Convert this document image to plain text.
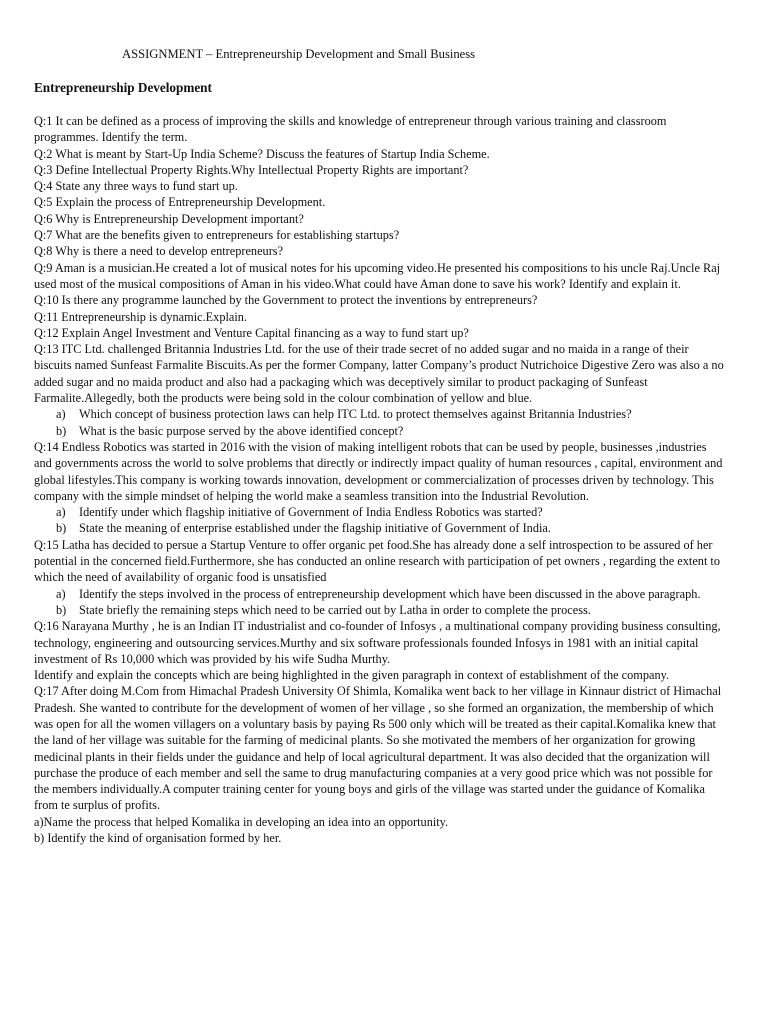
ASSIGNMENT – Entrepreneurship Development and Small Business
Entrepreneurship Development

Q:1 It can be defined as a process of improving the skills and knowledge of entrepreneur through various training and classroom programmes. Identify the term.

Q:2 What is meant by Start-Up India Scheme? Discuss the features of Startup India Scheme.

Q:3 Define Intellectual Property Rights.Why Intellectual Property Rights are important?

Q:4 State any three ways to fund start up.

Q:5 Explain the process of Entrepreneurship Development.

Q:6 Why is Entrepreneurship Development important?

Q:7 What are the benefits given to entrepreneurs for establishing startups?

Q:8 Why is there a need to develop entrepreneurs?

Q:9 Aman is a musician.He created a lot of musical notes for his upcoming video.He presented his compositions to his uncle Raj.Uncle Raj used most of the musical compositions of Aman in his video.What could have Aman done to save his work? Identify and explain it.

Q:10 Is there any programme launched by the Government to protect the inventions by entrepreneurs?

Q:11 Entrepreneurship is dynamic.Explain.

Q:12 Explain Angel Investment and Venture Capital financing as a way to fund start up?

Q:13 ITC Ltd. challenged Britannia Industries Ltd. for the use of their trade secret of no added sugar and no maida in a range of their biscuits named Sunfeast Farmalite Biscuits.As per the former Company, latter Company’s product Nutrichoice Digestive Zero was also a no added sugar and no maida product and also had a packaging which was deceptively similar to product packaging of Sunfeast Farmalite.Allegedly, both the products were being sold in the colour combination of yellow and blue.

a)	Which concept of business protection laws can help ITC Ltd. to protect themselves against Britannia Industries?
b)	What is the basic purpose served by the above identified concept?

Q:14 Endless Robotics was started in 2016 with the vision of making intelligent robots that can be used by people, businesses ,industries and governments across the world to solve problems that directly or indirectly impact quality of human resources , capital, environment and global lifestyles.This company is working towards innovation, development or commercialization of processes driven by technology. This company with the simple mindset of helping the world make a seamless transition into the Industrial Revolution.

a)	Identify under which flagship initiative of Government of India Endless Robotics was started?
b)	State the meaning of enterprise established under the flagship initiative of Government of India.

Q:15 Latha has decided to persue a Startup Venture to offer organic pet food.She has already done a self introspection to be assured of her potential in the concerned field.Furthermore, she has conducted an online research with participation of pet owners , regarding the extent to which the need of availability of organic food is unsatisfied

a)	Identify the steps involved in the process of entrepreneurship development which have been discussed in the above paragraph.
b)	State briefly the remaining steps which need to be carried out by Latha in order to complete the process.

Q:16 Narayana Murthy , he is an Indian IT industrialist and co-founder of Infosys , a multinational company providing business consulting, technology, engineering and outsourcing services.Murthy and six software professionals founded Infosys in 1981 with an initial capital investment of Rs 10,000 which was provided by his wife Sudha Murthy.

Identify and explain the concepts which are being highlighted in the given paragraph in context of establishment of the company.

Q:17 After doing M.Com from Himachal Pradesh University Of Shimla, Komalika went back to her village in Kinnaur district of Himachal Pradesh. She wanted to contribute for the development of women of her village , so she formed an organization, the membership of which was open for all the women villagers on a voluntary basis by paying Rs 500 only which will be treated as their capital.Komalika knew that the land of her village was suitable for the farming of medicinal plants. So she motivated the members of her organization for growing medicinal plants in their fields under the guidance and help of local agricultural department. It was also decided that the organization will purchase the produce of each member and sell the same to drug manufacturing companies at a very good price which was not possible for the members individually.A computer training center for young boys and girls of the village was started under the guidance of Komalika from te surplus of profits.

a)Name the process that helped Komalika in developing an idea into an opportunity.

b) Identify the kind of organisation formed by her.
